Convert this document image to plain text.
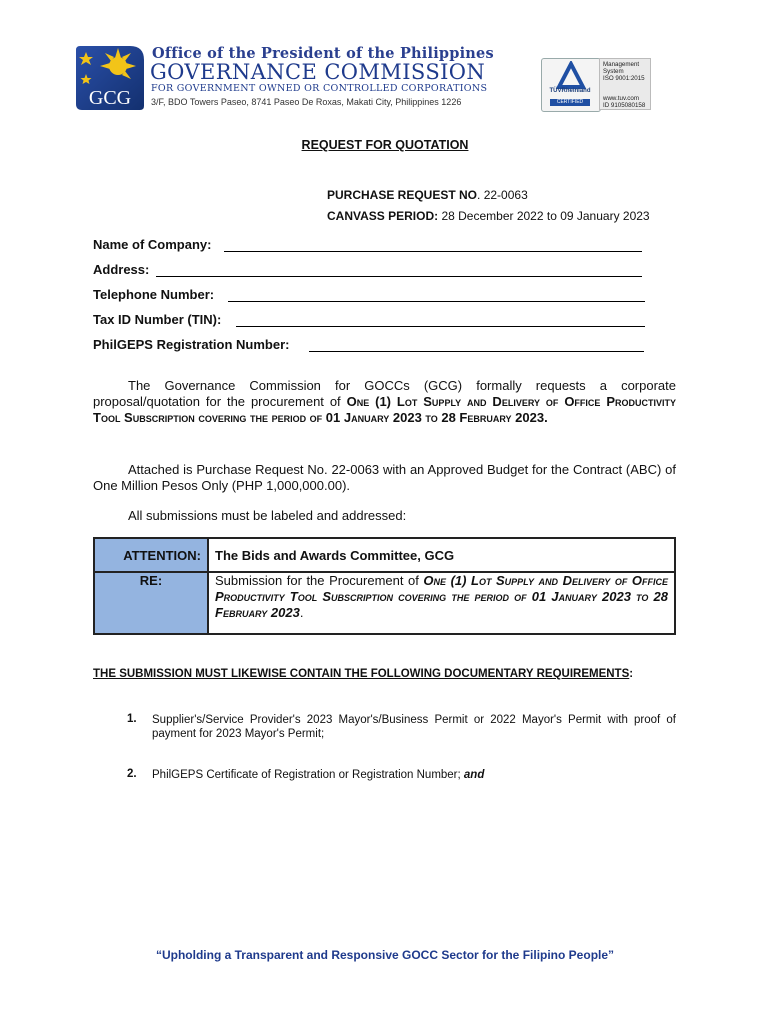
GCG
Office of the President of the Philippines
GOVERNANCE COMMISSION
FOR GOVERNMENT OWNED OR CONTROLLED CORPORATIONS
3/F, BDO Towers Paseo, 8741 Paseo De Roxas, Makati City, Philippines 1226
TÜVRheinland
CERTIFIED
Management
System
ISO 9001:2015
www.tuv.com
ID 9105080158
REQUEST FOR QUOTATION
PURCHASE REQUEST NO. 22-0063
CANVASS PERIOD: 28 December 2022 to 09 January 2023
Name of Company:
Address:
Telephone Number:
Tax ID Number (TIN):
PhilGEPS Registration Number:
The Governance Commission for GOCCs (GCG) formally requests a corporate proposal/quotation for the procurement of One (1) Lot Supply and Delivery of Office Productivity Tool Subscription covering the period of 01 January 2023 to 28 February 2023.
Attached is Purchase Request No. 22-0063 with an Approved Budget for the Contract (ABC) of One Million Pesos Only (PHP 1,000,000.00).
All submissions must be labeled and addressed:
ATTENTION:	The Bids and Awards Committee, GCG
RE:	Submission for the Procurement of One (1) Lot Supply and Delivery of Office Productivity Tool Subscription covering the period of 01 January 2023 to 28 February 2023.
THE SUBMISSION MUST LIKEWISE CONTAIN THE FOLLOWING DOCUMENTARY REQUIREMENTS:
1. Supplier's/Service Provider's 2023 Mayor's/Business Permit or 2022 Mayor's Permit with proof of payment for 2023 Mayor's Permit;
2. PhilGEPS Certificate of Registration or Registration Number; and
“Upholding a Transparent and Responsive GOCC Sector for the Filipino People”
